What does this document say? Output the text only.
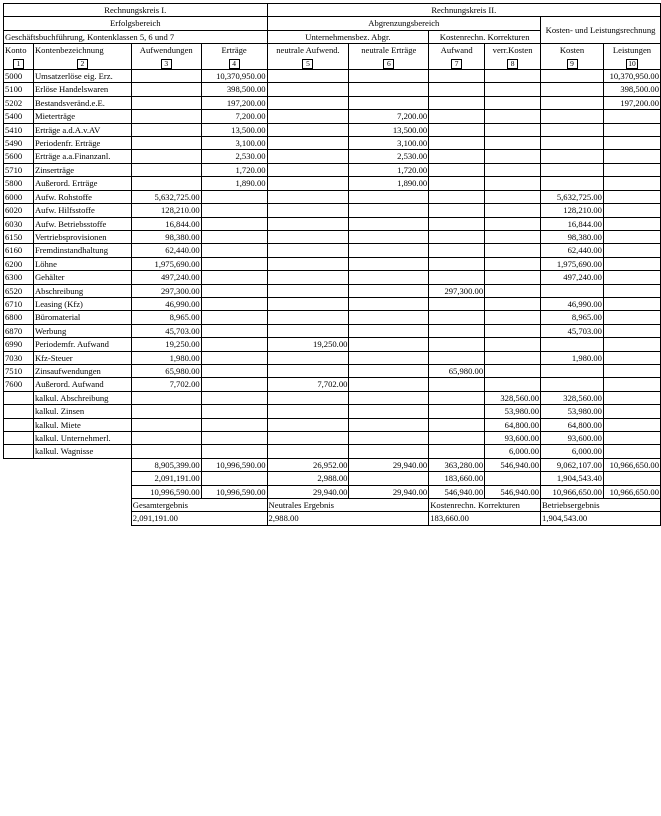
Rechnungskreis I.				Rechnungskreis II.					
Erfolgsbereich				Abgrenzungsbereich				Kosten- und Leistungsrechnung	
Geschäftsbuchführung, Kontenklassen 5, 6 und 7				Unternehmensbez. Abgr.		Kostenrechn. Korrekturen			
Konto	Kontenbezeichnung	Aufwendungen	Erträge	neutrale Aufwend.	neutrale Erträge	Aufwand	verr.Kosten	Kosten	Leistungen
1	2	3	4	5	6	7	8	9	10
5000	Umsatzerlöse eig. Erz.		10,370,950.00						10,370,950.00
5100	Erlöse Handelswaren		398,500.00						398,500.00
5202	Bestandsveränd.e.E.		197,200.00						197,200.00
5400	Mieterträge		7,200.00		7,200.00				
5410	Erträge a.d.A.v.AV		13,500.00		13,500.00				
5490	Periodenfr. Erträge		3,100.00		3,100.00				
5600	Erträge a.a.Finanzanl.		2,530.00		2,530.00				
5710	Zinserträge		1,720.00		1,720.00				
5800	Außerord. Erträge		1,890.00		1,890.00				
6000	Aufw. Rohstoffe	5,632,725.00						5,632,725.00	
6020	Aufw. Hilfsstoffe	128,210.00						128,210.00	
6030	Aufw. Betriebsstoffe	16,844.00						16,844.00	
6150	Vertriebsprovisionen	98,380.00						98,380.00	
6160	Fremdinstandhaltung	62,440.00						62,440.00	
6200	Löhne	1,975,690.00						1,975,690.00	
6300	Gehälter	497,240.00						497,240.00	
6520	Abschreibung	297,300.00				297,300.00			
6710	Leasing (Kfz)	46,990.00						46,990.00	
6800	Büromaterial	8,965.00						8,965.00	
6870	Werbung	45,703.00						45,703.00	
6990	Periodemfr. Aufwand	19,250.00		19,250.00					
7030	Kfz-Steuer	1,980.00						1,980.00	
7510	Zinsaufwendungen	65,980.00				65,980.00			
7600	Außerord. Aufwand	7,702.00		7,702.00					
	kalkul. Abschreibung						328,560.00	328,560.00	
	kalkul. Zinsen						53,980.00	53,980.00	
	kalkul. Miete						64,800.00	64,800.00	
	kalkul. Unternehmerl.						93,600.00	93,600.00	
	kalkul. Wagnisse						6,000.00	6,000.00	
		8,905,399.00	10,996,590.00	26,952.00	29,940.00	363,280.00	546,940.00	9,062,107.00	10,966,650.00
		2,091,191.00		2,988.00		183,660.00		1,904,543.40	
		10,996,590.00	10,996,590.00	29,940.00	29,940.00	546,940.00	546,940.00	10,966,650.00	10,966,650.00
		Gesamtergebnis		Neutrales Ergebnis		Kostenrechn. Korrekturen		Betriebsergebnis	
		2,091,191.00		2,988.00		183,660.00		1,904,543.00	
